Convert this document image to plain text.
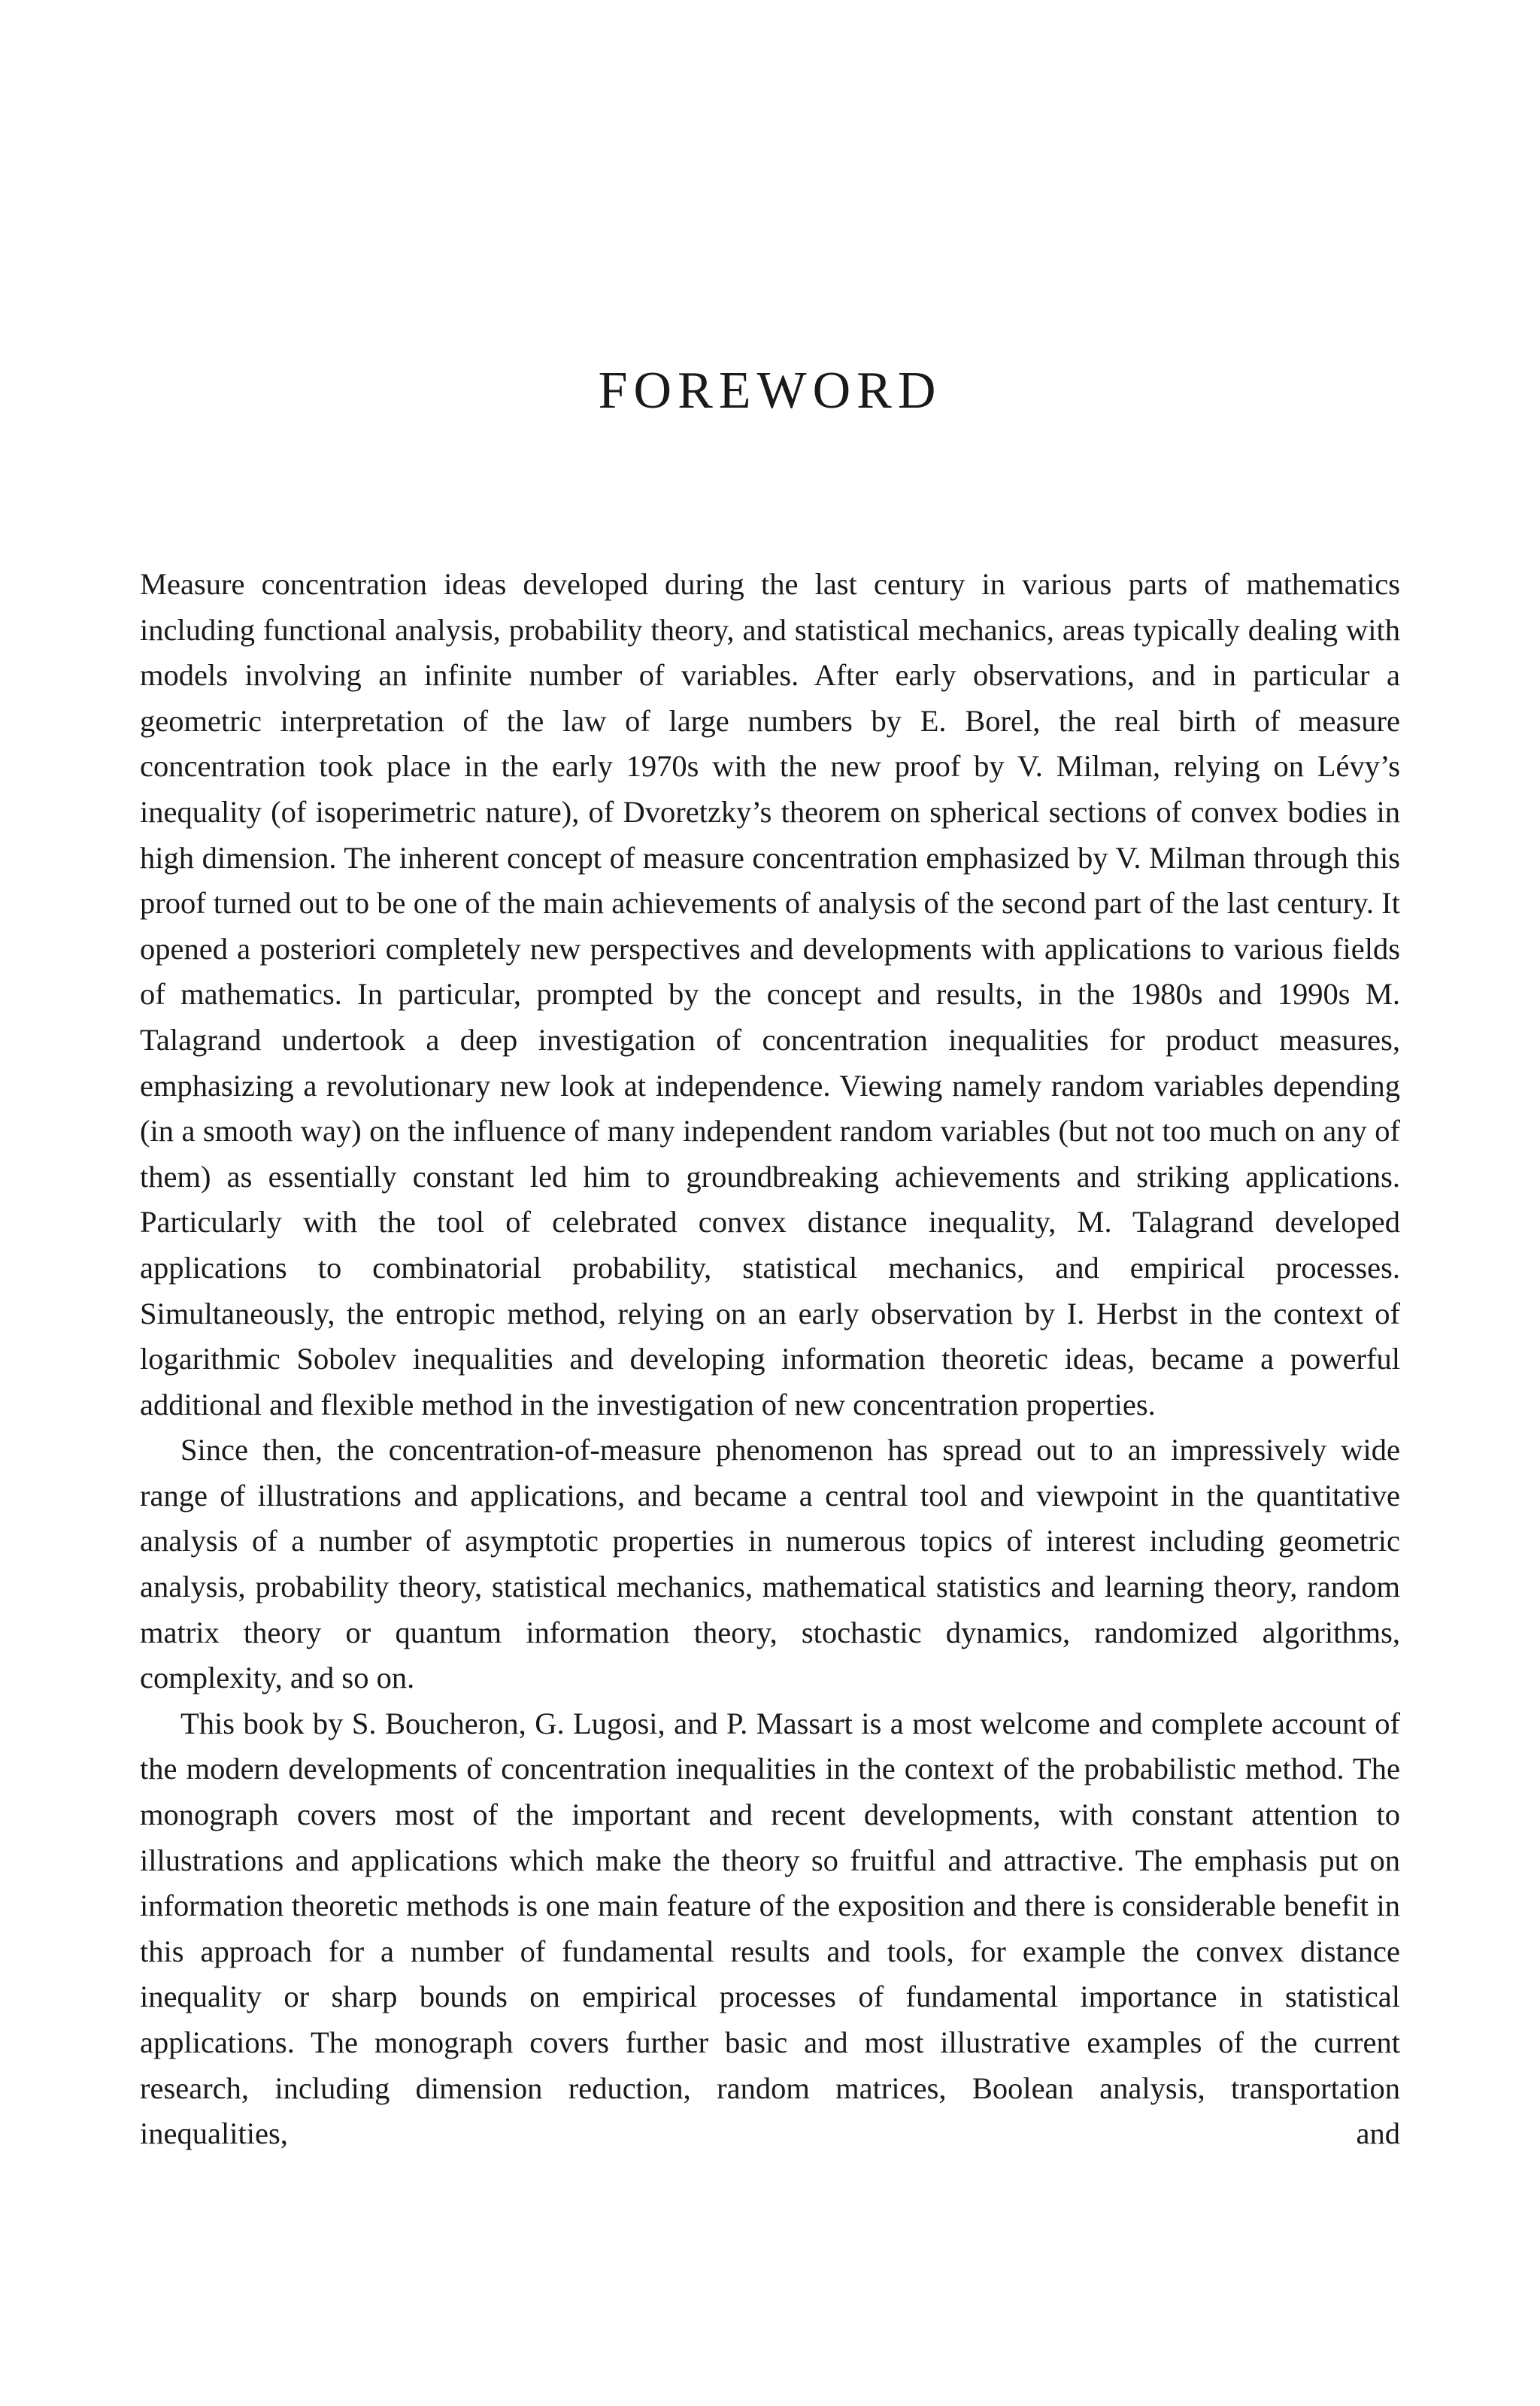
FOREWORD

Measure concentration ideas developed during the last century in various parts of mathematics including functional analysis, probability theory, and statistical mechanics, areas typically dealing with models involving an infinite number of variables. After early observations, and in particular a geometric interpretation of the law of large numbers by E. Borel, the real birth of measure concentration took place in the early 1970s with the new proof by V. Milman, relying on Lévy’s inequality (of isoperimetric nature), of Dvoretzky’s theorem on spherical sections of convex bodies in high dimension. The inherent concept of measure concentration emphasized by V. Milman through this proof turned out to be one of the main achievements of analysis of the second part of the last century. It opened a posteriori completely new perspectives and developments with applications to various fields of mathematics. In particular, prompted by the concept and results, in the 1980s and 1990s M. Talagrand undertook a deep investigation of concentration inequalities for product measures, emphasizing a revolutionary new look at independence. Viewing namely random variables depending (in a smooth way) on the influence of many independent random variables (but not too much on any of them) as essentially constant led him to groundbreaking achievements and striking applications. Particularly with the tool of celebrated convex distance inequality, M. Talagrand developed applications to combinatorial probability, statistical mechanics, and empirical processes. Simultaneously, the entropic method, relying on an early observation by I. Herbst in the context of logarithmic Sobolev inequalities and developing information theoretic ideas, became a powerful additional and flexible method in the investigation of new concentration properties.

Since then, the concentration-of-measure phenomenon has spread out to an impressively wide range of illustrations and applications, and became a central tool and viewpoint in the quantitative analysis of a number of asymptotic properties in numerous topics of interest including geometric analysis, probability theory, statistical mechanics, mathematical statistics and learning theory, random matrix theory or quantum information theory, stochastic dynamics, randomized algorithms, complexity, and so on.

This book by S. Boucheron, G. Lugosi, and P. Massart is a most welcome and complete account of the modern developments of concentration inequalities in the context of the probabilistic method. The monograph covers most of the important and recent developments, with constant attention to illustrations and applications which make the theory so fruitful and attractive. The emphasis put on information theoretic methods is one main feature of the exposition and there is considerable benefit in this approach for a number of fundamental results and tools, for example the convex distance inequality or sharp bounds on empirical processes of fundamental importance in statistical applications. The monograph covers further basic and most illustrative examples of the current research, including dimension reduction, random matrices, Boolean analysis, transportation inequalities, and
